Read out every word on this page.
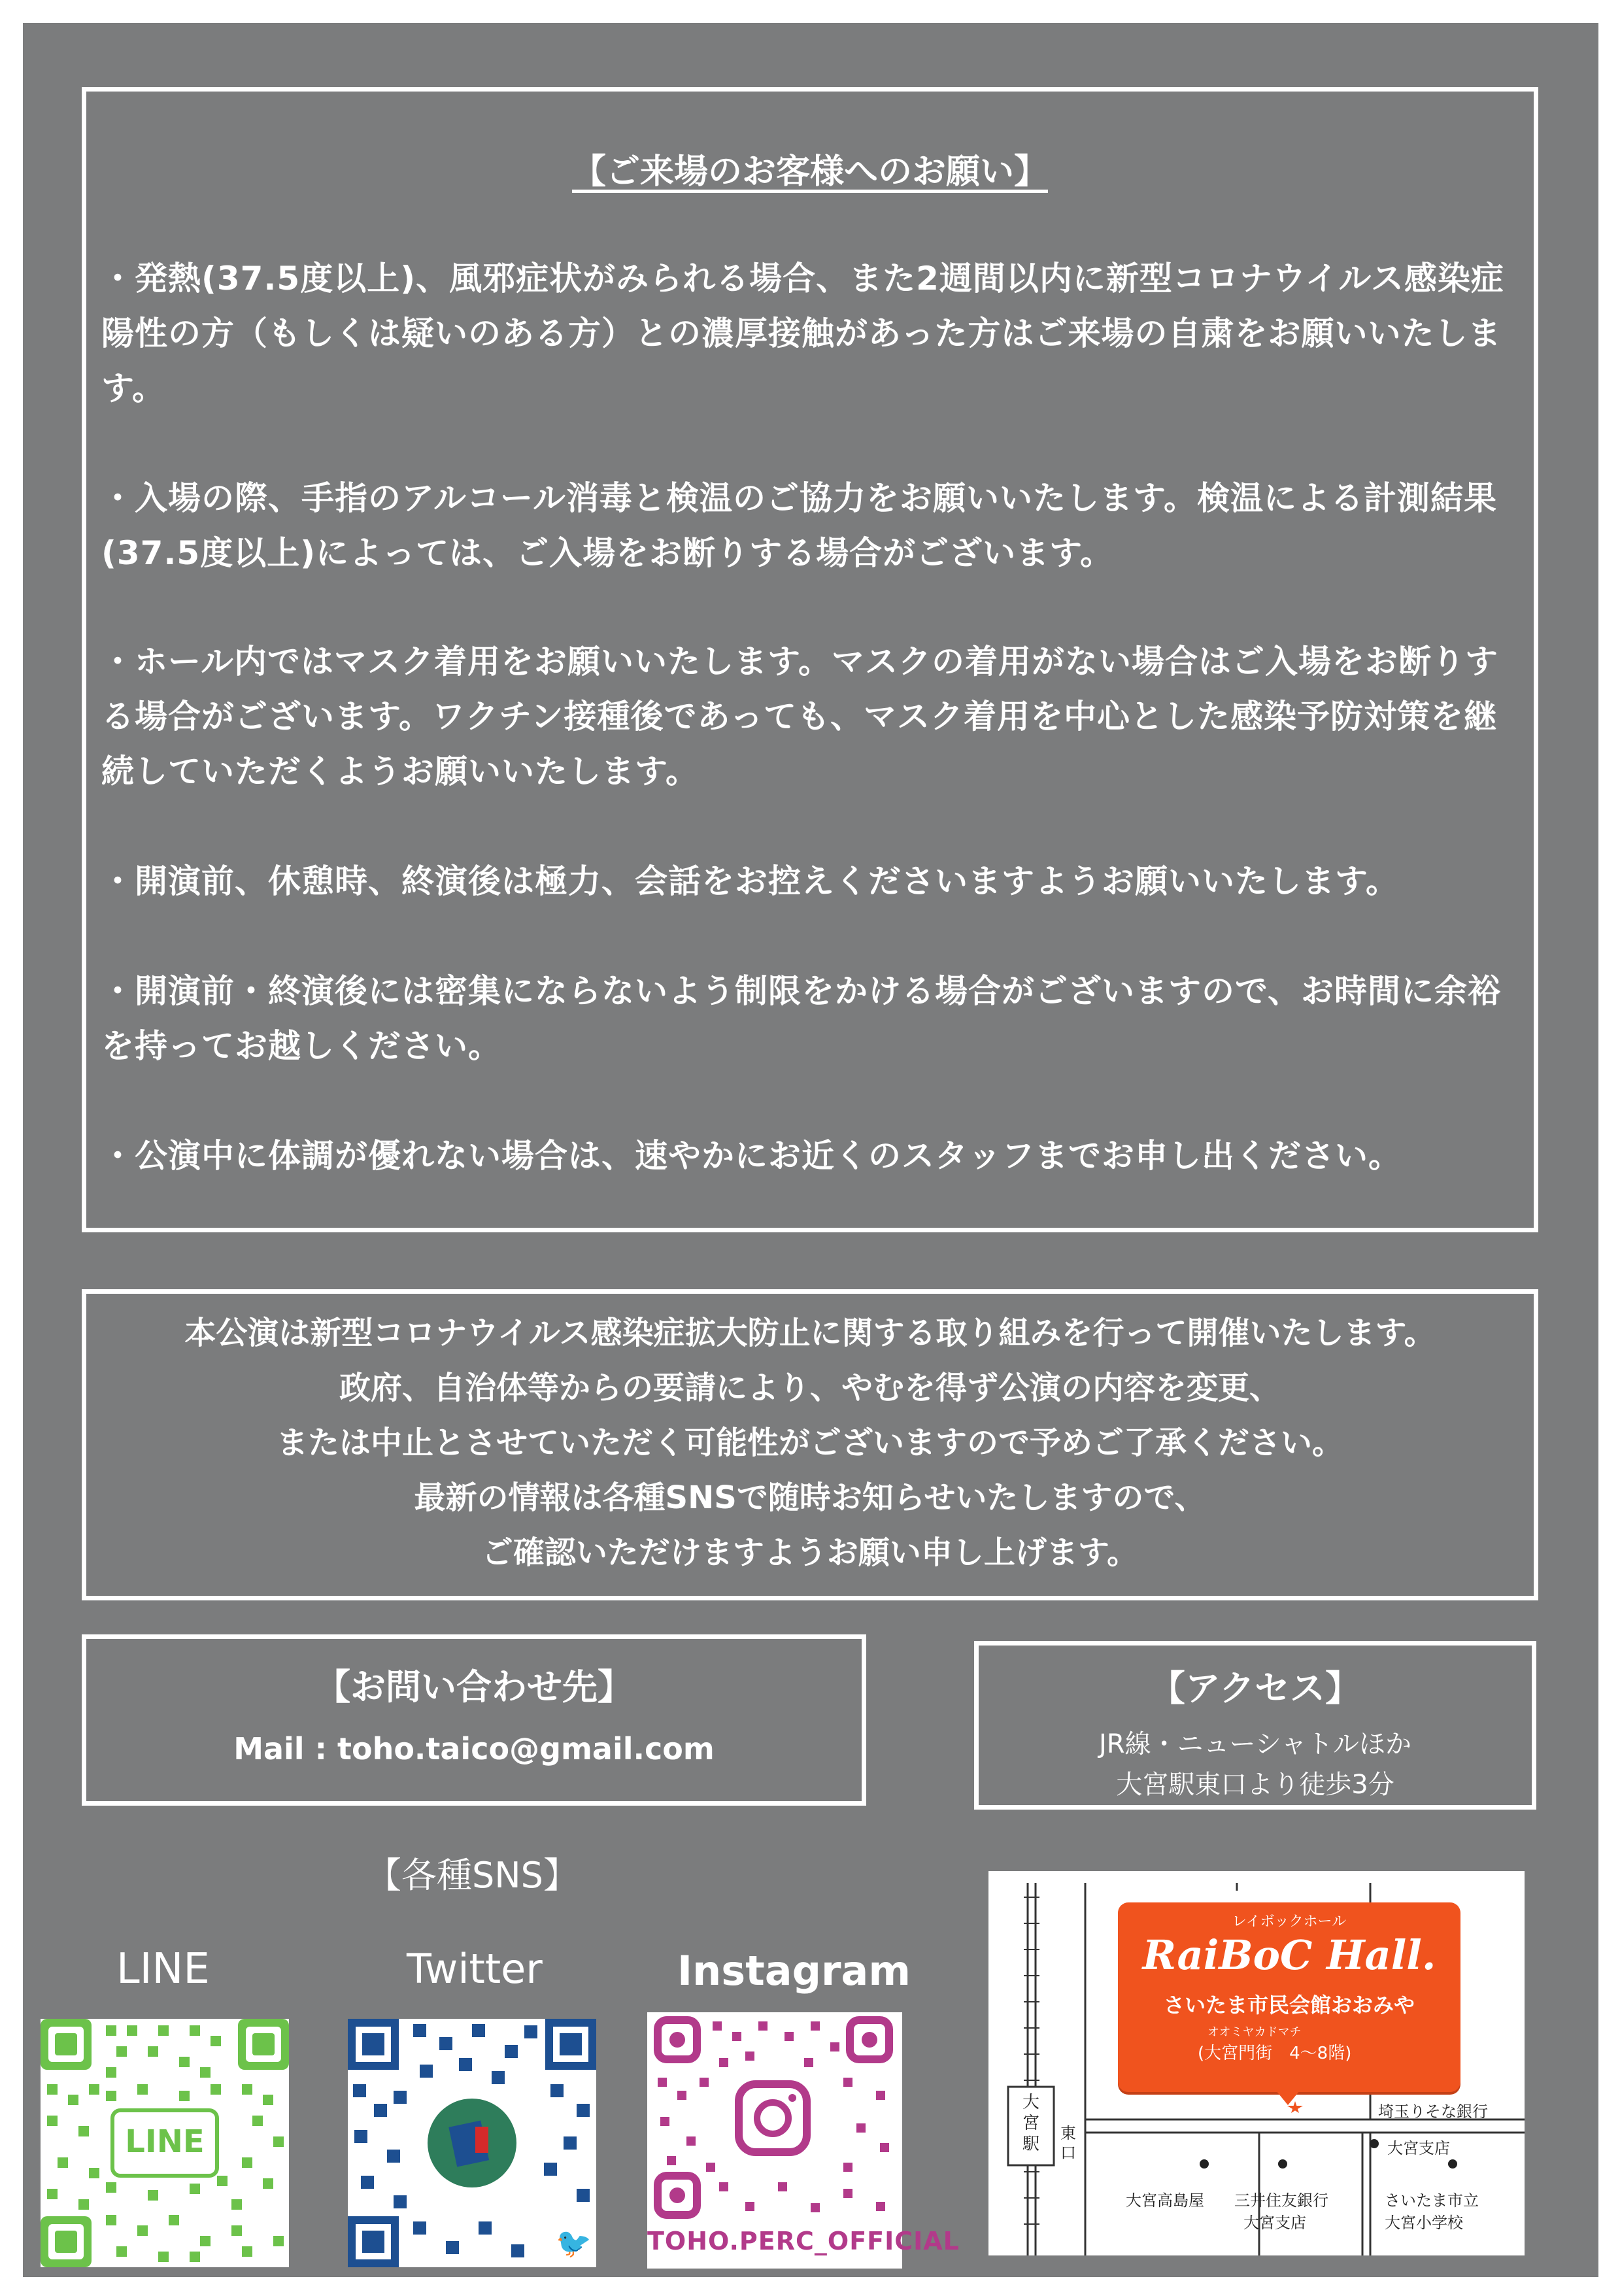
【ご来場のお客様へのお願い】
・発熱(37.5度以上)、風邪症状がみられる場合、また2週間以内に新型コロナウイルス感染症陽性の方（もしくは疑いのある方）との濃厚接触があった方はご来場の自粛をお願いいたします。
・入場の際、手指のアルコール消毒と検温のご協力をお願いいたします。検温による計測結果(37.5度以上)によっては、ご入場をお断りする場合がございます。
・ホール内ではマスク着用をお願いいたします。マスクの着用がない場合はご入場をお断りする場合がございます。ワクチン接種後であっても、マスク着用を中心とした感染予防対策を継続していただくようお願いいたします。
・開演前、休憩時、終演後は極力、会話をお控えくださいますようお願いいたします。
・開演前・終演後には密集にならないよう制限をかける場合がございますので、お時間に余裕を持ってお越しください。
・公演中に体調が優れない場合は、速やかにお近くのスタッフまでお申し出ください。
本公演は新型コロナウイルス感染症拡大防止に関する取り組みを行って開催いたします。
政府、自治体等からの要請により、やむを得ず公演の内容を変更、
または中止とさせていただく可能性がございますので予めご了承ください。
最新の情報は各種SNSで随時お知らせいたしますので、
ご確認いただけますようお願い申し上げます。
【お問い合わせ先】
Mail : toho.taico@gmail.com
【アクセス】
JR線・ニューシャトルほか
大宮駅東口より徒歩3分
【各種SNS】
LINE	Twitter	Instagram
LINE
🐦 TOHO.PERC_OFFICIAL
レイボックホール
RaiBoC Hall.
さいたま市民会館おおみや
オオミヤカドマチ
(大宮門街　4～8階)
大宮駅
東口
埼玉りそな銀行
大宮支店
大宮高島屋 三井住友銀行
大宮支店
さいたま市立
大宮小学校
